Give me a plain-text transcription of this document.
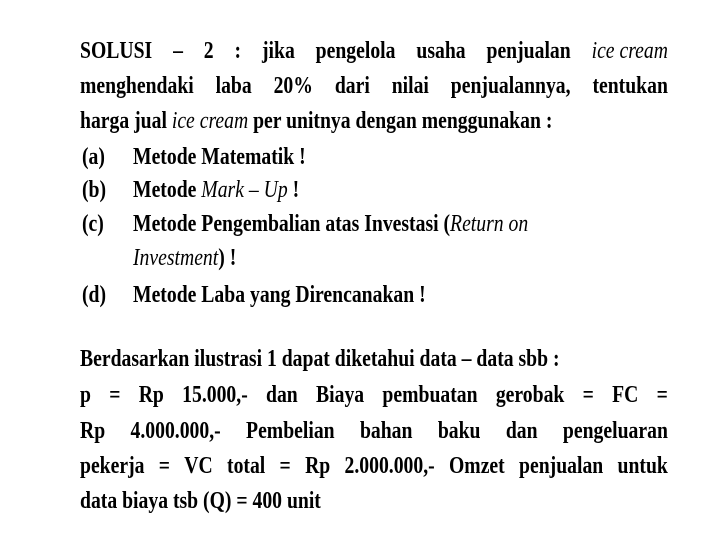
SOLUSI – 2 : jika pengelola usaha penjualan ice cream
menghendaki laba 20% dari nilai penjualannya, tentukan
harga jual ice cream per unitnya dengan menggunakan :
(a)	Metode Matematik !
(b)	Metode Mark – Up !
(c)	Metode Pengembalian atas Investasi (Return on
Investment) !
(d)	Metode Laba yang Direncanakan !
Berdasarkan ilustrasi 1 dapat diketahui data – data sbb :
p = Rp 15.000,- dan Biaya pembuatan gerobak = FC =
Rp 4.000.000,- Pembelian bahan baku dan pengeluaran
pekerja = VC total = Rp 2.000.000,- Omzet penjualan untuk
data biaya tsb (Q) = 400 unit
